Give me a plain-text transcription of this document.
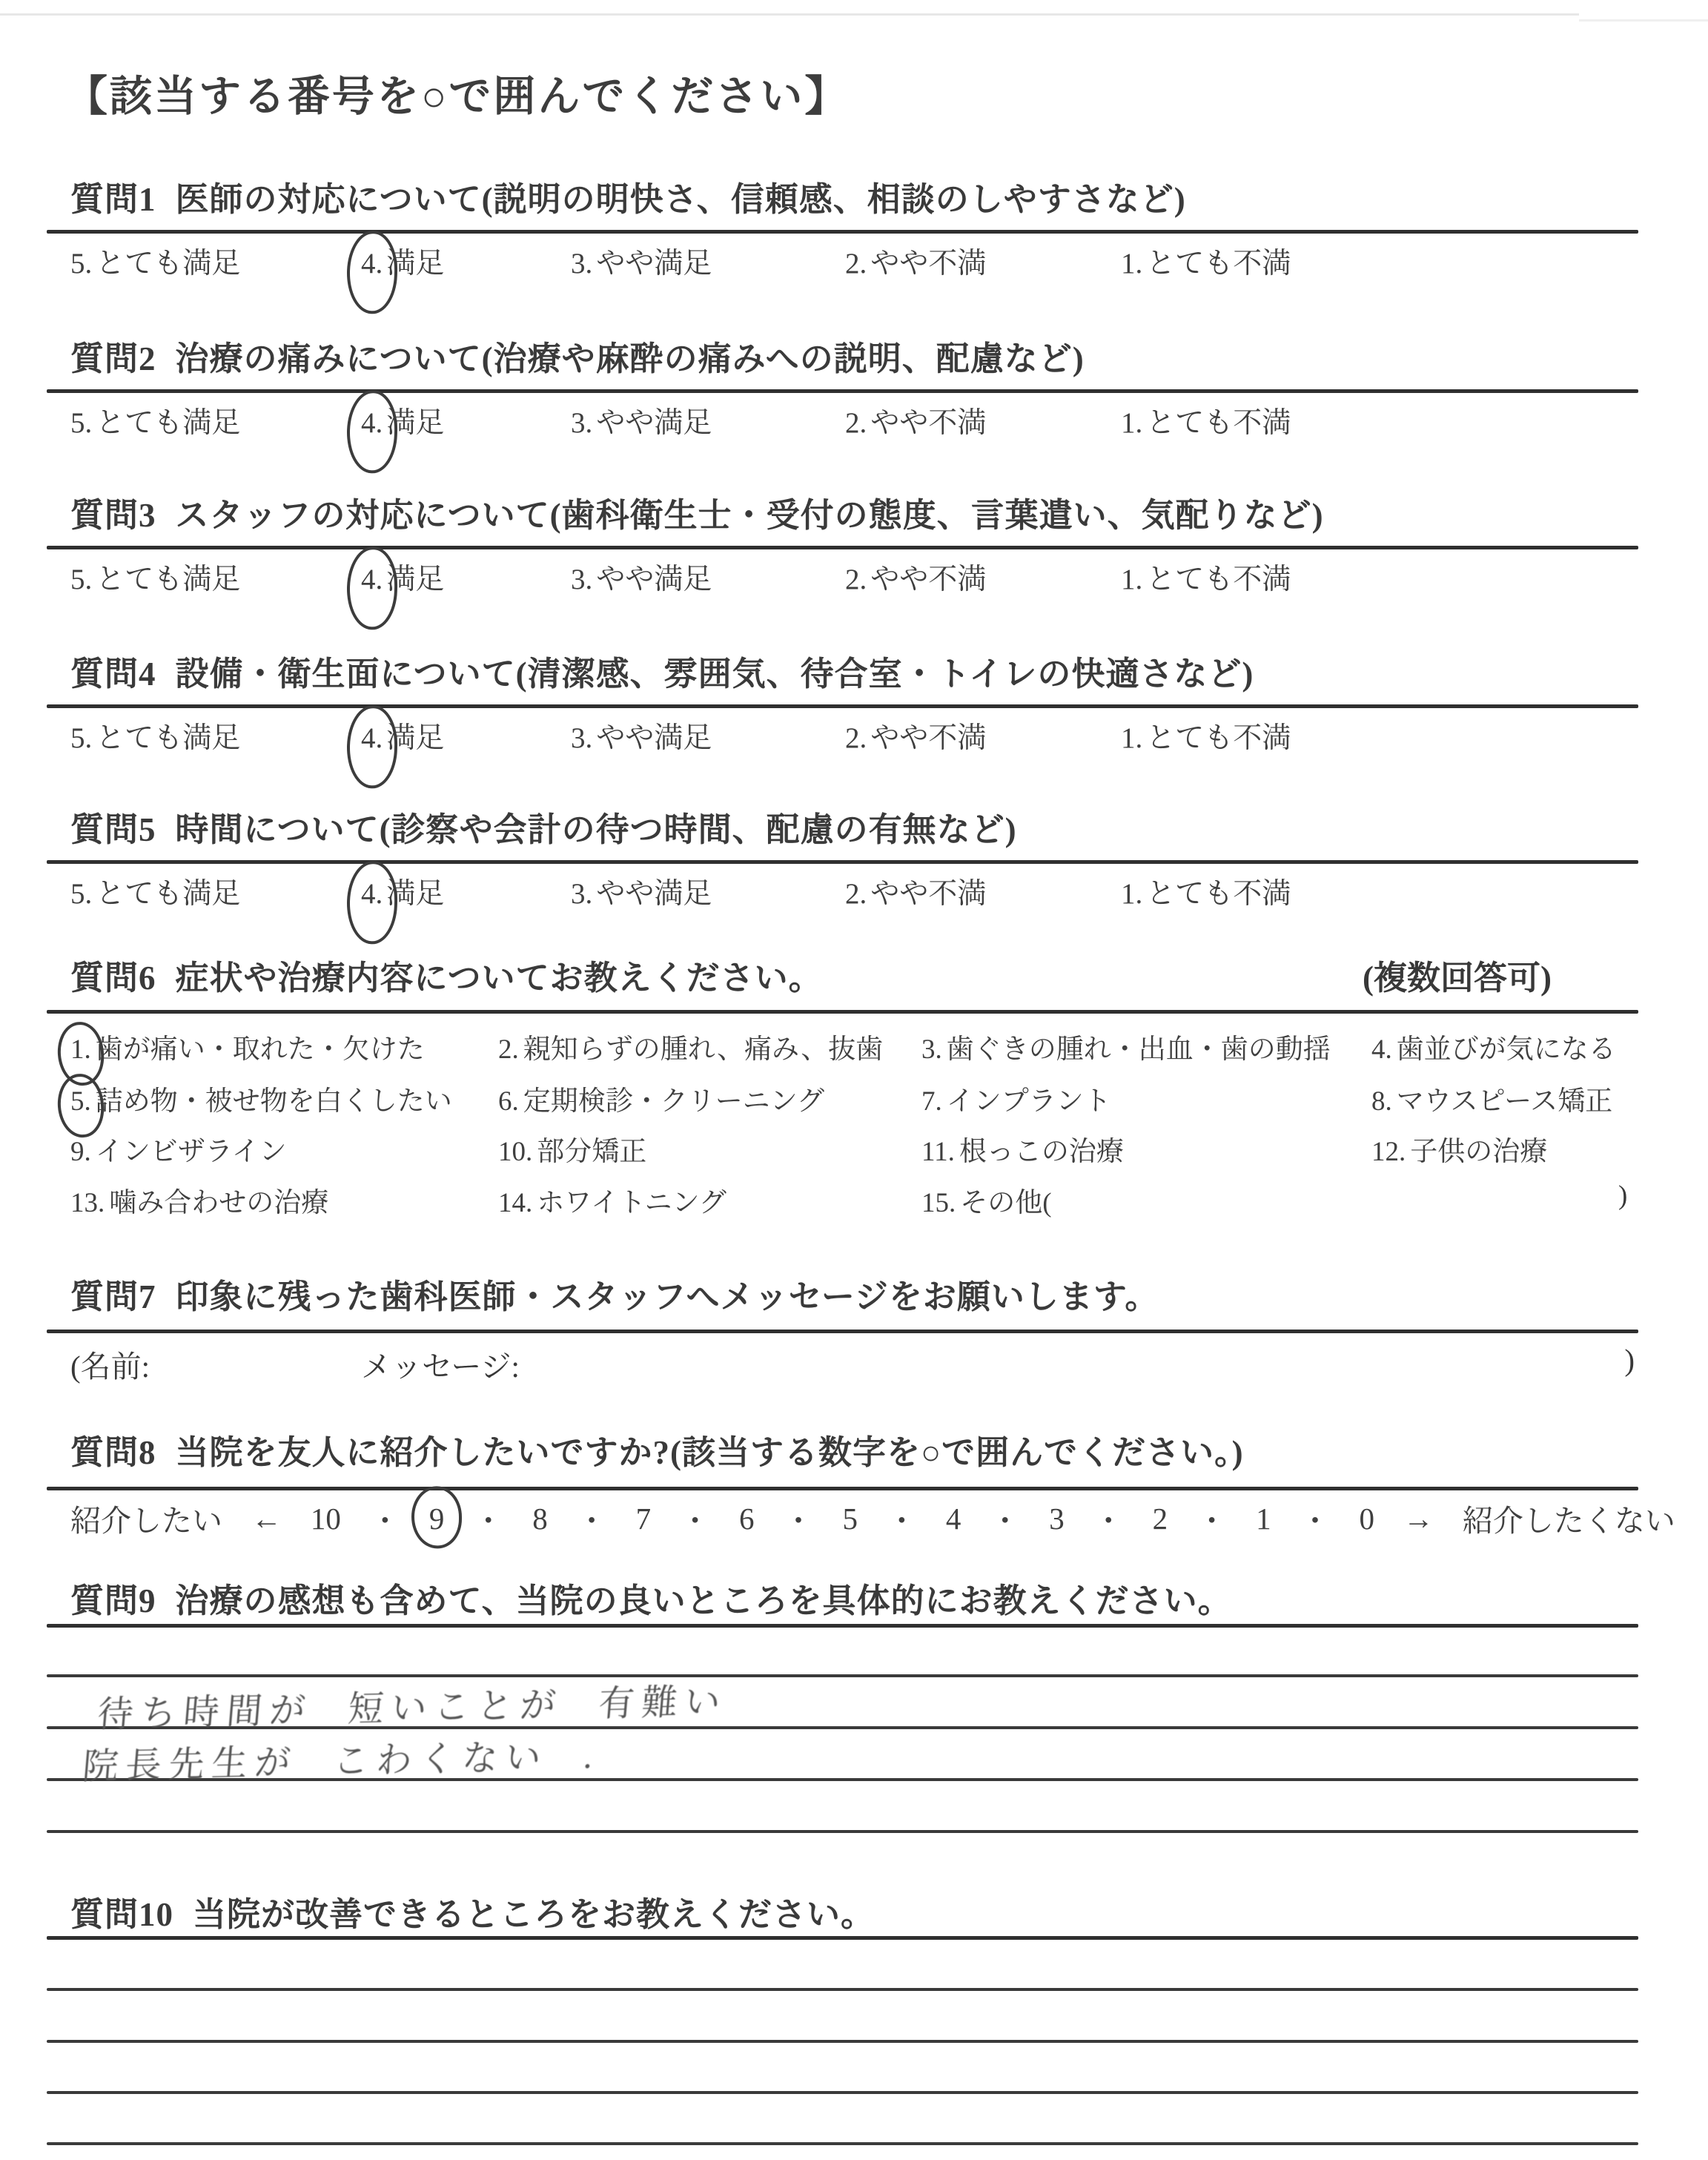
【該当する番号を○で囲んでください】
質問1 医師の対応について(説明の明快さ、信頼感、相談のしやすさなど)
5. とても満足	4. 満足	3. やや満足	2. やや不満	1. とても不満
質問2 治療の痛みについて(治療や麻酔の痛みへの説明、配慮など)
5. とても満足	4. 満足	3. やや満足	2. やや不満	1. とても不満
質問3 スタッフの対応について(歯科衛生士・受付の態度、言葉遣い、気配りなど)
5. とても満足	4. 満足	3. やや満足	2. やや不満	1. とても不満
質問4 設備・衛生面について(清潔感、雰囲気、待合室・トイレの快適さなど)
5. とても満足	4. 満足	3. やや満足	2. やや不満	1. とても不満
質問5 時間について(診察や会計の待つ時間、配慮の有無など)
5. とても満足	4. 満足	3. やや満足	2. やや不満	1. とても不満
質問6 症状や治療内容についてお教えください。	(複数回答可)
1. 歯が痛い・取れた・欠けた	2. 親知らずの腫れ、痛み、抜歯 3. 歯ぐきの腫れ・出血・歯の動揺 4. 歯並びが気になる
5. 詰め物・被せ物を白くしたい 6. 定期検診・クリーニング	7. インプラント	8. マウスピース矯正
9. インビザライン	10. 部分矯正	11. 根っこの治療	12. 子供の治療
13. 噛み合わせの治療	14. ホワイトニング	15. その他(	)
質問7 印象に残った歯科医師・スタッフへメッセージをお願いします。
(名前:	メッセージ:	)
質問8 当院を友人に紹介したいですか?(該当する数字を○で囲んでください。)
紹介したい ← 10 ・ 9 ・ 8 ・ 7 ・ 6 ・ 5 ・ 4 ・ 3 ・ 2 ・ 1 ・ 0 → 紹介したくない
質問9 治療の感想も含めて、当院の良いところを具体的にお教えください。
待ち時間が 短いことが 有難い
院長先生が こわくない .
質問10 当院が改善できるところをお教えください。
